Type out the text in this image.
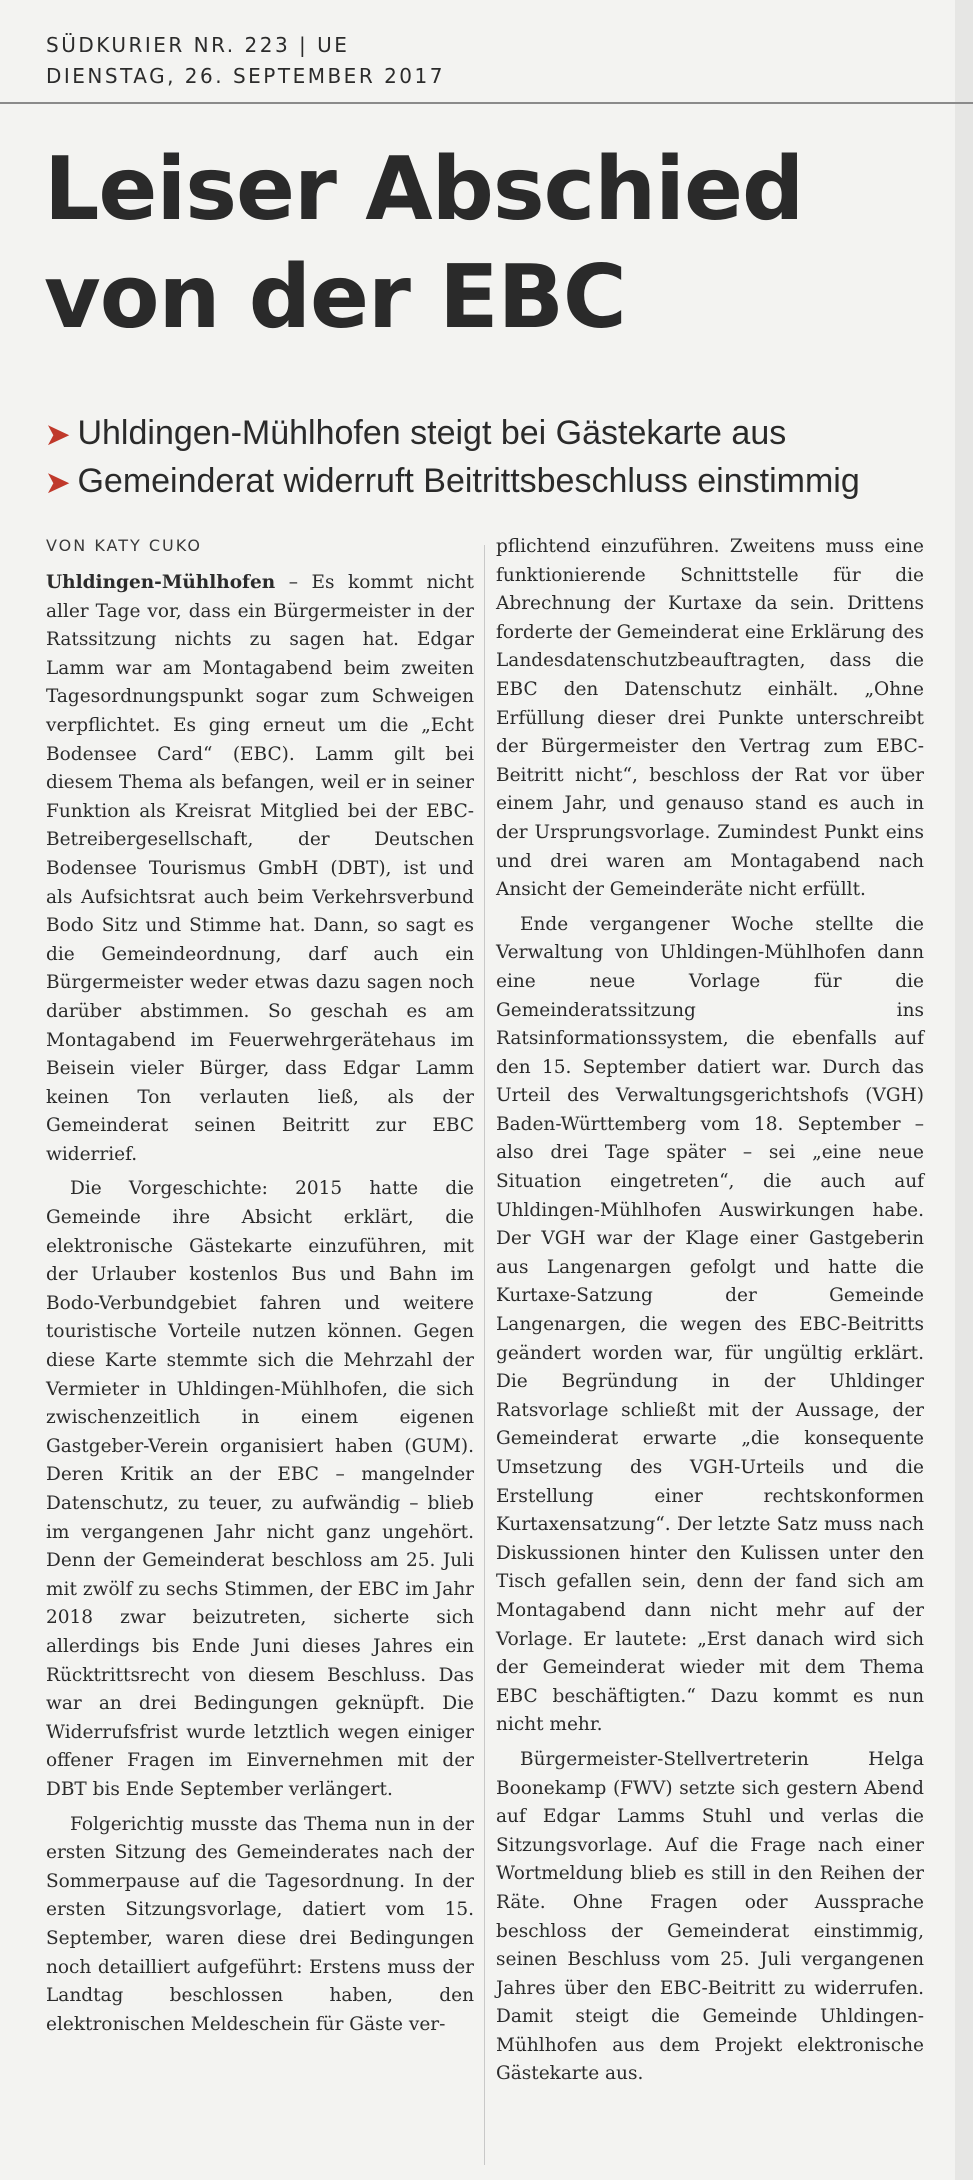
SÜDKURIER NR. 223 | UE
DIENSTAG, 26. SEPTEMBER 2017
Leiser Abschied
von der EBC
➤ Uhldingen-Mühlhofen steigt bei Gästekarte aus
➤ Gemeinderat widerruft Beitrittsbeschluss einstimmig
VON KATY CUKO

Uhldingen-Mühlhofen – Es kommt nicht aller Tage vor, dass ein Bürgermeister in der Ratssitzung nichts zu sagen hat. Edgar Lamm war am Montagabend beim zweiten Tagesordnungspunkt sogar zum Schweigen verpflichtet. Es ging erneut um die „Echt Bodensee Card“ (EBC). Lamm gilt bei diesem Thema als befangen, weil er in seiner Funktion als Kreisrat Mitglied bei der EBC-Betreibergesellschaft, der Deutschen Bodensee Tourismus GmbH (DBT), ist und als Aufsichtsrat auch beim Verkehrsverbund Bodo Sitz und Stimme hat. Dann, so sagt es die Gemeindeordnung, darf auch ein Bürgermeister weder etwas dazu sagen noch darüber abstimmen. So geschah es am Montagabend im Feuerwehrgerätehaus im Beisein vieler Bürger, dass Edgar Lamm keinen Ton verlauten ließ, als der Gemeinderat seinen Beitritt zur EBC widerrief.

Die Vorgeschichte: 2015 hatte die Gemeinde ihre Absicht erklärt, die elektronische Gästekarte einzuführen, mit der Urlauber kostenlos Bus und Bahn im Bodo-Verbundgebiet fahren und weitere touristische Vorteile nutzen können. Gegen diese Karte stemmte sich die Mehrzahl der Vermieter in Uhldingen-Mühlhofen, die sich zwischenzeitlich in einem eigenen Gastgeber-Verein organisiert haben (GUM). Deren Kritik an der EBC – mangelnder Datenschutz, zu teuer, zu aufwändig – blieb im vergangenen Jahr nicht ganz ungehört. Denn der Gemeinderat beschloss am 25. Juli mit zwölf zu sechs Stimmen, der EBC im Jahr 2018 zwar beizutreten, sicherte sich allerdings bis Ende Juni dieses Jahres ein Rücktrittsrecht von diesem Beschluss. Das war an drei Bedingungen geknüpft. Die Widerrufsfrist wurde letztlich wegen einiger offener Fragen im Einvernehmen mit der DBT bis Ende September verlängert.

Folgerichtig musste das Thema nun in der ersten Sitzung des Gemeinderates nach der Sommerpause auf die Tagesordnung. In der ersten Sitzungsvorlage, datiert vom 15. September, waren diese drei Bedingungen noch detailliert aufgeführt: Erstens muss der Landtag beschlossen haben, den elektronischen Meldeschein für Gäste ver-

pflichtend einzuführen. Zweitens muss eine funktionierende Schnittstelle für die Abrechnung der Kurtaxe da sein. Drittens forderte der Gemeinderat eine Erklärung des Landesdatenschutzbeauftragten, dass die EBC den Datenschutz einhält. „Ohne Erfüllung dieser drei Punkte unterschreibt der Bürgermeister den Vertrag zum EBC-Beitritt nicht“, beschloss der Rat vor über einem Jahr, und genauso stand es auch in der Ursprungsvorlage. Zumindest Punkt eins und drei waren am Montagabend nach Ansicht der Gemeinderäte nicht erfüllt.

Ende vergangener Woche stellte die Verwaltung von Uhldingen-Mühlhofen dann eine neue Vorlage für die Gemeinderatssitzung ins Ratsinformationssystem, die ebenfalls auf den 15. September datiert war. Durch das Urteil des Verwaltungsgerichtshofs (VGH) Baden-Württemberg vom 18. September – also drei Tage später – sei „eine neue Situation eingetreten“, die auch auf Uhldingen-Mühlhofen Auswirkungen habe. Der VGH war der Klage einer Gastgeberin aus Langenargen gefolgt und hatte die Kurtaxe-Satzung der Gemeinde Langenargen, die wegen des EBC-Beitritts geändert worden war, für ungültig erklärt. Die Begründung in der Uhldinger Ratsvorlage schließt mit der Aussage, der Gemeinderat erwarte „die konsequente Umsetzung des VGH-Urteils und die Erstellung einer rechtskonformen Kurtaxensatzung“. Der letzte Satz muss nach Diskussionen hinter den Kulissen unter den Tisch gefallen sein, denn der fand sich am Montagabend dann nicht mehr auf der Vorlage. Er lautete: „Erst danach wird sich der Gemeinderat wieder mit dem Thema EBC beschäftigten.“ Dazu kommt es nun nicht mehr.

Bürgermeister-Stellvertreterin Helga Boonekamp (FWV) setzte sich gestern Abend auf Edgar Lamms Stuhl und verlas die Sitzungsvorlage. Auf die Frage nach einer Wortmeldung blieb es still in den Reihen der Räte. Ohne Fragen oder Aussprache beschloss der Gemeinderat einstimmig, seinen Beschluss vom 25. Juli vergangenen Jahres über den EBC-Beitritt zu widerrufen. Damit steigt die Gemeinde Uhldingen-Mühlhofen aus dem Projekt elektronische Gästekarte aus.
